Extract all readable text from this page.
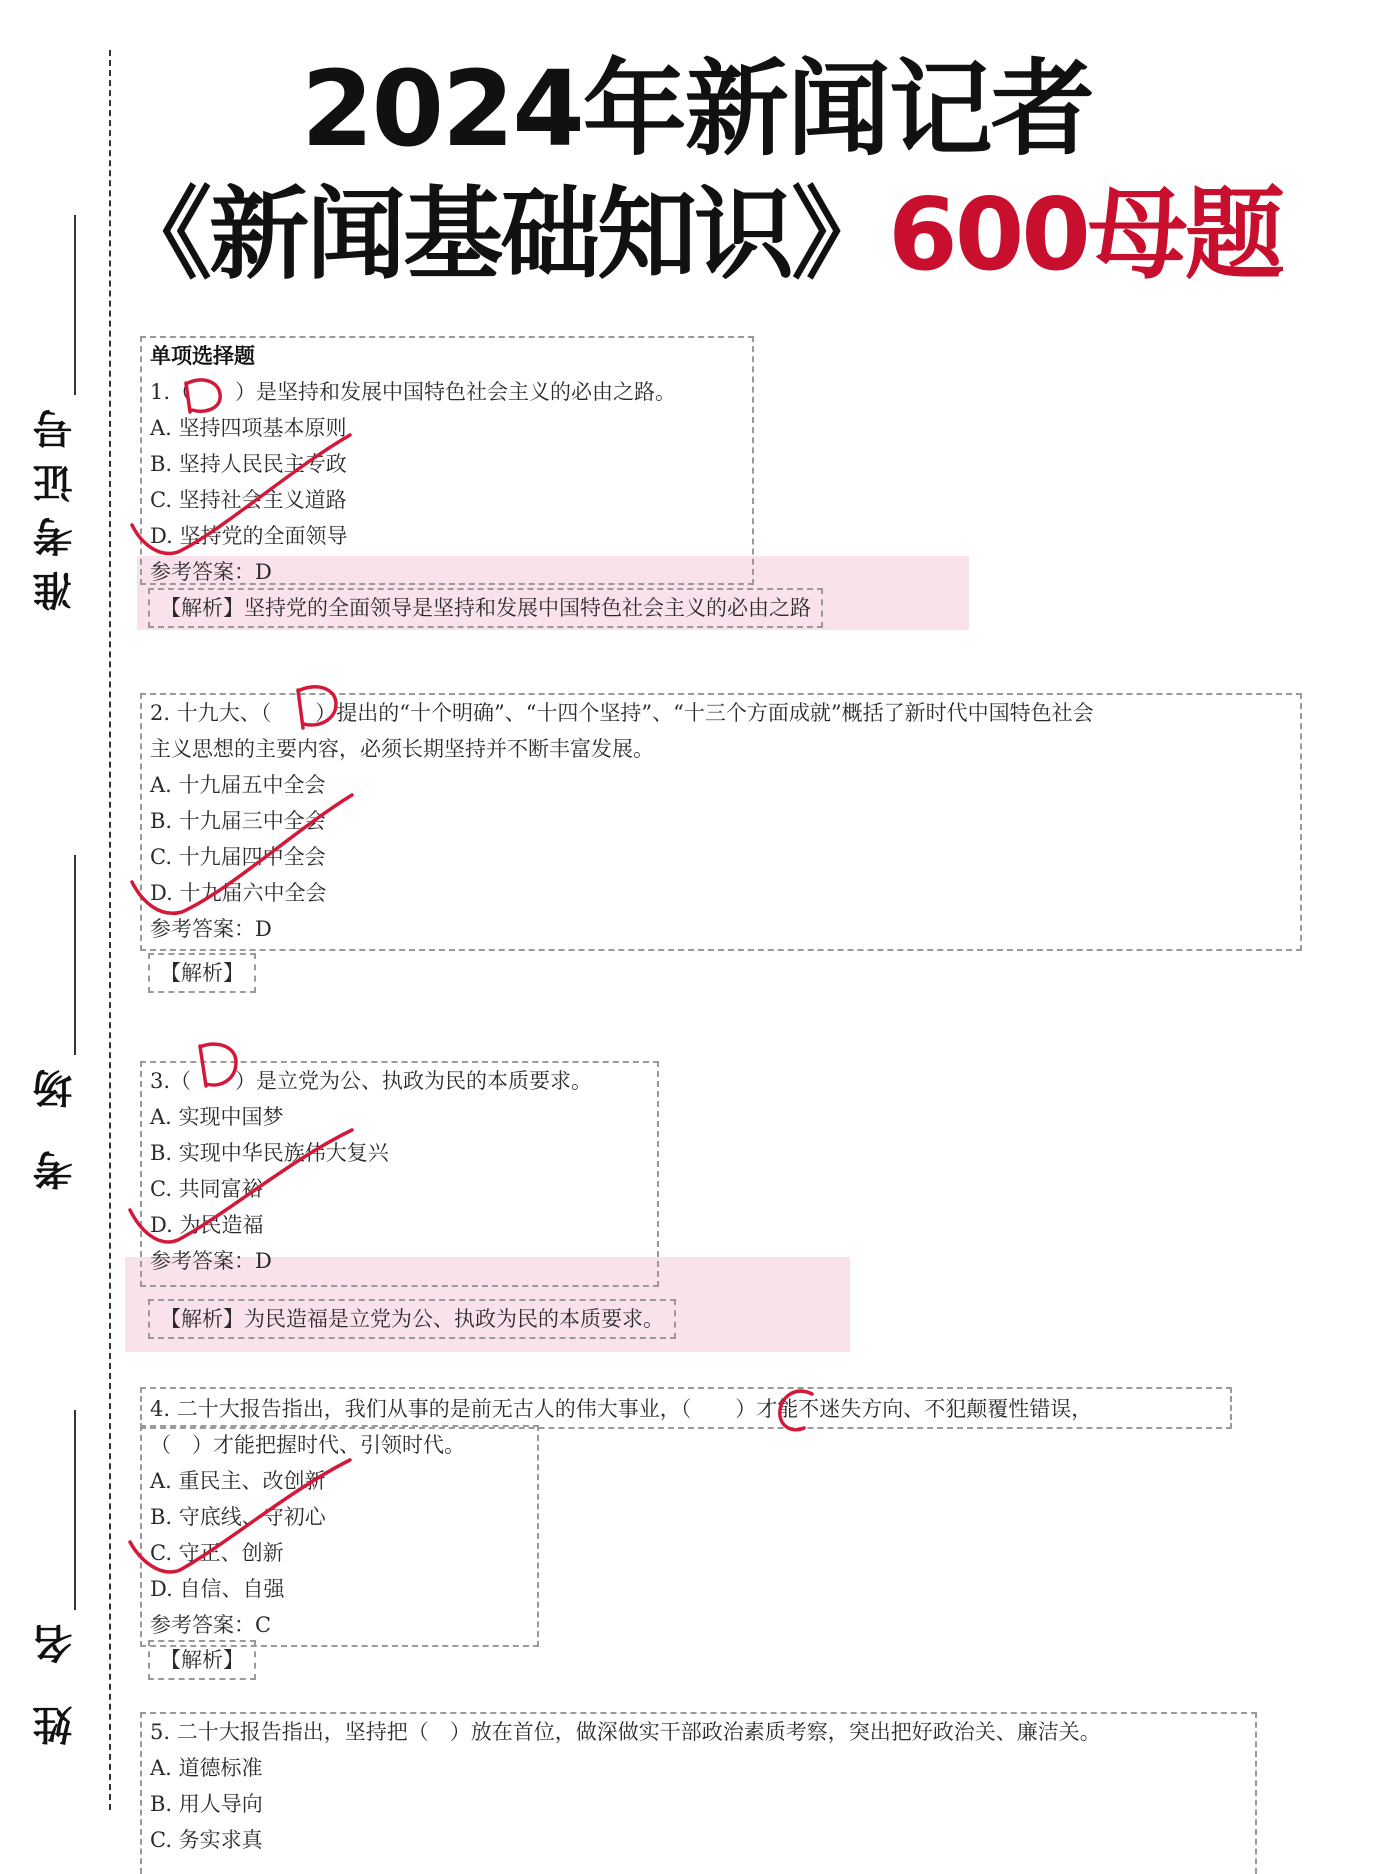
准考证号
考 场
姓 名
2024年新闻记者
《新闻基础知识》600母题
单项选择题
1.（ ）是坚持和发展中国特色社会主义的必由之路。
A. 坚持四项基本原则
B. 坚持人民民主专政
C. 坚持社会主义道路
D. 坚持党的全面领导
参考答案：D
【解析】坚持党的全面领导是坚持和发展中国特色社会主义的必由之路
2. 十九大、（ ）提出的“十个明确”、“十四个坚持”、“十三个方面成就”概括了新时代中国特色社会
主义思想的主要内容，必须长期坚持并不断丰富发展。
A. 十九届五中全会
B. 十九届三中全会
C. 十九届四中全会
D. 十九届六中全会
参考答案：D
【解析】
3.（ ）是立党为公、执政为民的本质要求。
A. 实现中国梦
B. 实现中华民族伟大复兴
C. 共同富裕
D. 为民造福
参考答案：D
【解析】为民造福是立党为公、执政为民的本质要求。
4. 二十大报告指出，我们从事的是前无古人的伟大事业，（ ）才能不迷失方向、不犯颠覆性错误，
（　）才能把握时代、引领时代。
A. 重民主、改创新
B. 守底线、守初心
C. 守正、创新
D. 自信、自强
参考答案：C
【解析】
5. 二十大报告指出，坚持把（　）放在首位，做深做实干部政治素质考察，突出把好政治关、廉洁关。
A. 道德标准
B. 用人导向
C. 务实求真
